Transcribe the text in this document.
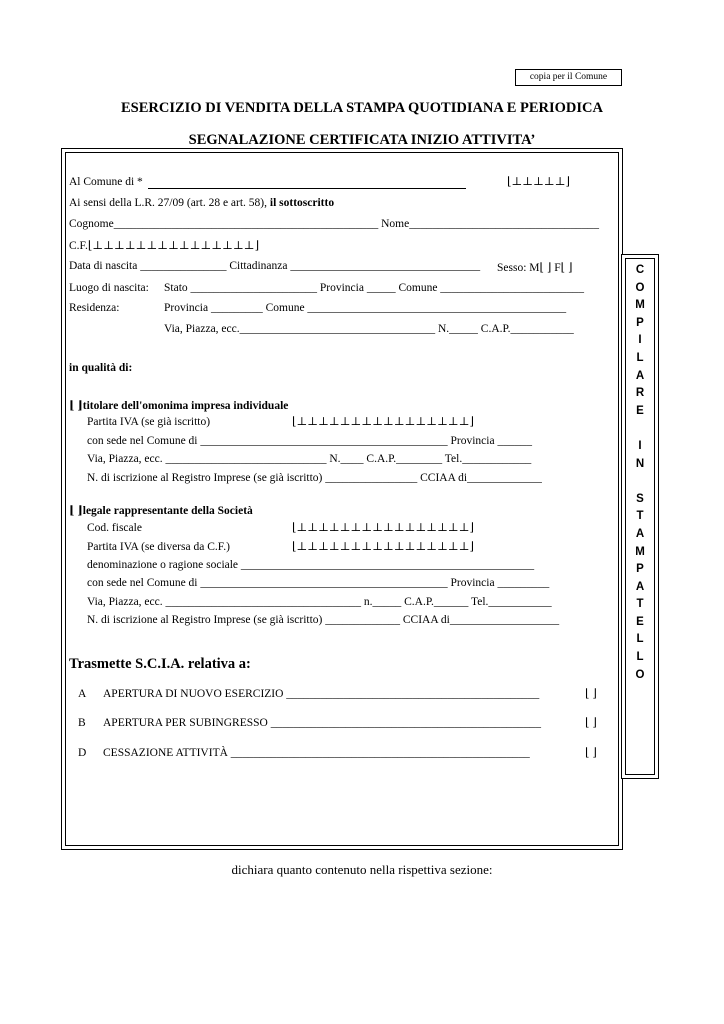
copia per il Comune
ESERCIZIO DI VENDITA DELLA STAMPA QUOTIDIANA E PERIODICA
SEGNALAZIONE CERTIFICATA INIZIO ATTIVITA’
C
O
M
P
I
L
A
R
E
I
N
S
T
A
M
P
A
T
E
L
L
O
Al Comune di *	⌊⊥⊥⊥⊥⊥⌋
Ai sensi della L.R. 27/09 (art. 28 e art. 58), il sottoscritto
Cognome______________________________________________ Nome_________________________________
C.F.⌊⊥⊥⊥⊥⊥⊥⊥⊥⊥⊥⊥⊥⊥⊥⊥⌋
Data di nascita _______________ Cittadinanza _________________________________ Sesso: M⌊ ⌋ F⌊ ⌋
Luogo di nascita: Stato ______________________ Provincia _____ Comune _________________________
Residenza:	Provincia _________ Comune _____________________________________________
Via, Piazza, ecc.__________________________________ N._____ C.A.P.___________
in qualità di:
⌊ ⌋titolare dell'omonima impresa individuale
Partita IVA (se già iscritto)	⌊⊥⊥⊥⊥⊥⊥⊥⊥⊥⊥⊥⊥⊥⊥⊥⊥⌋
con sede nel Comune di ___________________________________________ Provincia ______
Via, Piazza, ecc. ____________________________ N.____ C.A.P.________ Tel.____________
N. di iscrizione al Registro Imprese (se già iscritto) ________________ CCIAA di_____________
⌊ ⌋legale rappresentante della Società
Cod. fiscale	⌊⊥⊥⊥⊥⊥⊥⊥⊥⊥⊥⊥⊥⊥⊥⊥⊥⌋
Partita IVA (se diversa da C.F.)	⌊⊥⊥⊥⊥⊥⊥⊥⊥⊥⊥⊥⊥⊥⊥⊥⊥⌋
denominazione o ragione sociale ___________________________________________________
con sede nel Comune di ___________________________________________ Provincia _________
Via, Piazza, ecc. __________________________________ n._____ C.A.P.______ Tel.___________
N. di iscrizione al Registro Imprese (se già iscritto) _____________ CCIAA di___________________
Trasmette S.C.I.A. relativa a:
A APERTURA DI NUOVO ESERCIZIO ____________________________________________	⌊ ⌋
B APERTURA PER SUBINGRESSO _______________________________________________	⌊ ⌋
D CESSAZIONE ATTIVITÀ ____________________________________________________	⌊ ⌋
dichiara quanto contenuto nella rispettiva sezione:
